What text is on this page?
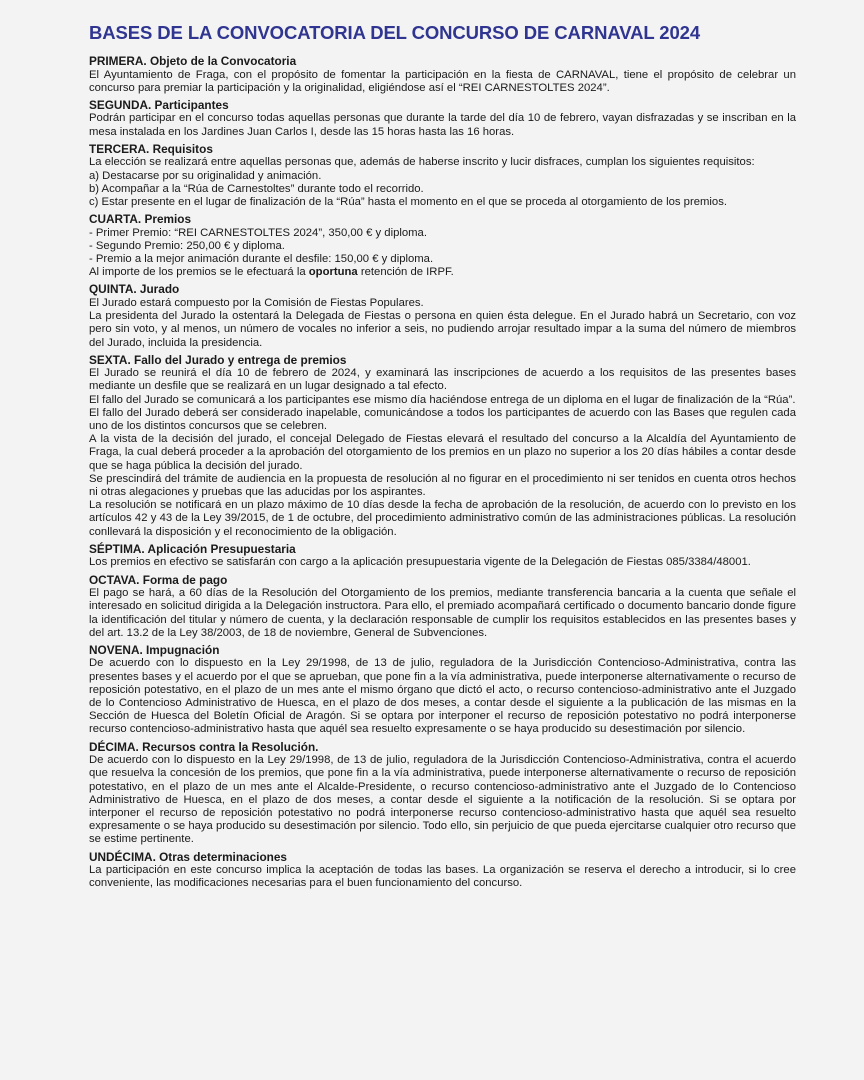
BASES DE LA CONVOCATORIA DEL CONCURSO DE CARNAVAL 2024
PRIMERA. Objeto de la Convocatoria
El Ayuntamiento de Fraga, con el propósito de fomentar la participación en la fiesta de CARNAVAL, tiene el propósito de celebrar un concurso para premiar la participación y la originalidad, eligiéndose así el “REI CARNESTOLTES 2024”.
SEGUNDA. Participantes
Podrán participar en el concurso todas aquellas personas que durante la tarde del día 10 de febrero, vayan disfrazadas y se inscriban en la mesa instalada en los Jardines Juan Carlos I, desde las 15 horas hasta las 16 horas.
TERCERA. Requisitos
La elección se realizará entre aquellas personas que, además de haberse inscrito y lucir disfraces, cumplan los siguientes requisitos:
a) Destacarse por su originalidad y animación.
b) Acompañar a la “Rúa de Carnestoltes” durante todo el recorrido.
c) Estar presente en el lugar de finalización de la “Rúa” hasta el momento en el que se proceda al otorgamiento de los premios.
CUARTA. Premios
- Primer Premio: “REI CARNESTOLTES 2024”, 350,00 € y diploma.
- Segundo Premio: 250,00 € y diploma.
- Premio a la mejor animación durante el desfile: 150,00 € y diploma.
Al importe de los premios se le efectuará la oportuna retención de IRPF.
QUINTA. Jurado
El Jurado estará compuesto por la Comisión de Fiestas Populares.
La presidenta del Jurado la ostentará la Delegada de Fiestas o persona en quien ésta delegue. En el Jurado habrá un Secretario, con voz pero sin voto, y al menos, un número de vocales no inferior a seis, no pudiendo arrojar resultado impar a la suma del número de miembros del Jurado, incluida la presidencia.
SEXTA. Fallo del Jurado y entrega de premios
El Jurado se reunirá el día 10 de febrero de 2024, y examinará las inscripciones de acuerdo a los requisitos de las presentes bases mediante un desfile que se realizará en un lugar designado a tal efecto.
El fallo del Jurado se comunicará a los participantes ese mismo día haciéndose entrega de un diploma en el lugar de finalización de la “Rúa”.
El fallo del Jurado deberá ser considerado inapelable, comunicándose a todos los participantes de acuerdo con las Bases que regulen cada uno de los distintos concursos que se celebren.
A la vista de la decisión del jurado, el concejal Delegado de Fiestas elevará el resultado del concurso a la Alcaldía del Ayuntamiento de Fraga, la cual deberá proceder a la aprobación del otorgamiento de los premios en un plazo no superior a los 20 días hábiles a contar desde que se haga pública la decisión del jurado.
Se prescindirá del trámite de audiencia en la propuesta de resolución al no figurar en el procedimiento ni ser tenidos en cuenta otros hechos ni otras alegaciones y pruebas que las aducidas por los aspirantes.
La resolución se notificará en un plazo máximo de 10 días desde la fecha de aprobación de la resolución, de acuerdo con lo previsto en los artículos 42 y 43 de la Ley 39/2015, de 1 de octubre, del procedimiento administrativo común de las administraciones públicas. La resolución conllevará la disposición y el reconocimiento de la obligación.
SÉPTIMA. Aplicación Presupuestaria
Los premios en efectivo se satisfarán con cargo a la aplicación presupuestaria vigente de la Delegación de Fiestas 085/3384/48001.
OCTAVA. Forma de pago
El pago se hará, a 60 días de la Resolución del Otorgamiento de los premios, mediante transferencia bancaria a la cuenta que señale el interesado en solicitud dirigida a la Delegación instructora. Para ello, el premiado acompañará certificado o documento bancario donde figure la identificación del titular y número de cuenta, y la declaración responsable de cumplir los requisitos establecidos en las presentes bases y del art. 13.2 de la Ley 38/2003, de 18 de noviembre, General de Subvenciones.
NOVENA. Impugnación
De acuerdo con lo dispuesto en la Ley 29/1998, de 13 de julio, reguladora de la Jurisdicción Contencioso-Administrativa, contra las presentes bases y el acuerdo por el que se aprueban, que pone fin a la vía administrativa, puede interponerse alternativamente o recurso de reposición potestativo, en el plazo de un mes ante el mismo órgano que dictó el acto, o recurso contencioso-administrativo ante el Juzgado de lo Contencioso Administrativo de Huesca, en el plazo de dos meses, a contar desde el siguiente a la publicación de las mismas en la Sección de Huesca del Boletín Oficial de Aragón. Si se optara por interponer el recurso de reposición potestativo no podrá interponerse recurso contencioso-administrativo hasta que aquél sea resuelto expresamente o se haya producido su desestimación por silencio.
DÉCIMA. Recursos contra la Resolución.
De acuerdo con lo dispuesto en la Ley 29/1998, de 13 de julio, reguladora de la Jurisdicción Contencioso-Administrativa, contra el acuerdo que resuelva la concesión de los premios, que pone fin a la vía administrativa, puede interponerse alternativamente o recurso de reposición potestativo, en el plazo de un mes ante el Alcalde-Presidente, o recurso contencioso-administrativo ante el Juzgado de lo Contencioso Administrativo de Huesca, en el plazo de dos meses, a contar desde el siguiente a la notificación de la resolución. Si se optara por interponer el recurso de reposición potestativo no podrá interponerse recurso contencioso-administrativo hasta que aquél sea resuelto expresamente o se haya producido su desestimación por silencio. Todo ello, sin perjuicio de que pueda ejercitarse cualquier otro recurso que se estime pertinente.
UNDÉCIMA. Otras determinaciones
La participación en este concurso implica la aceptación de todas las bases. La organización se reserva el derecho a introducir, si lo cree conveniente, las modificaciones necesarias para el buen funcionamiento del concurso.
